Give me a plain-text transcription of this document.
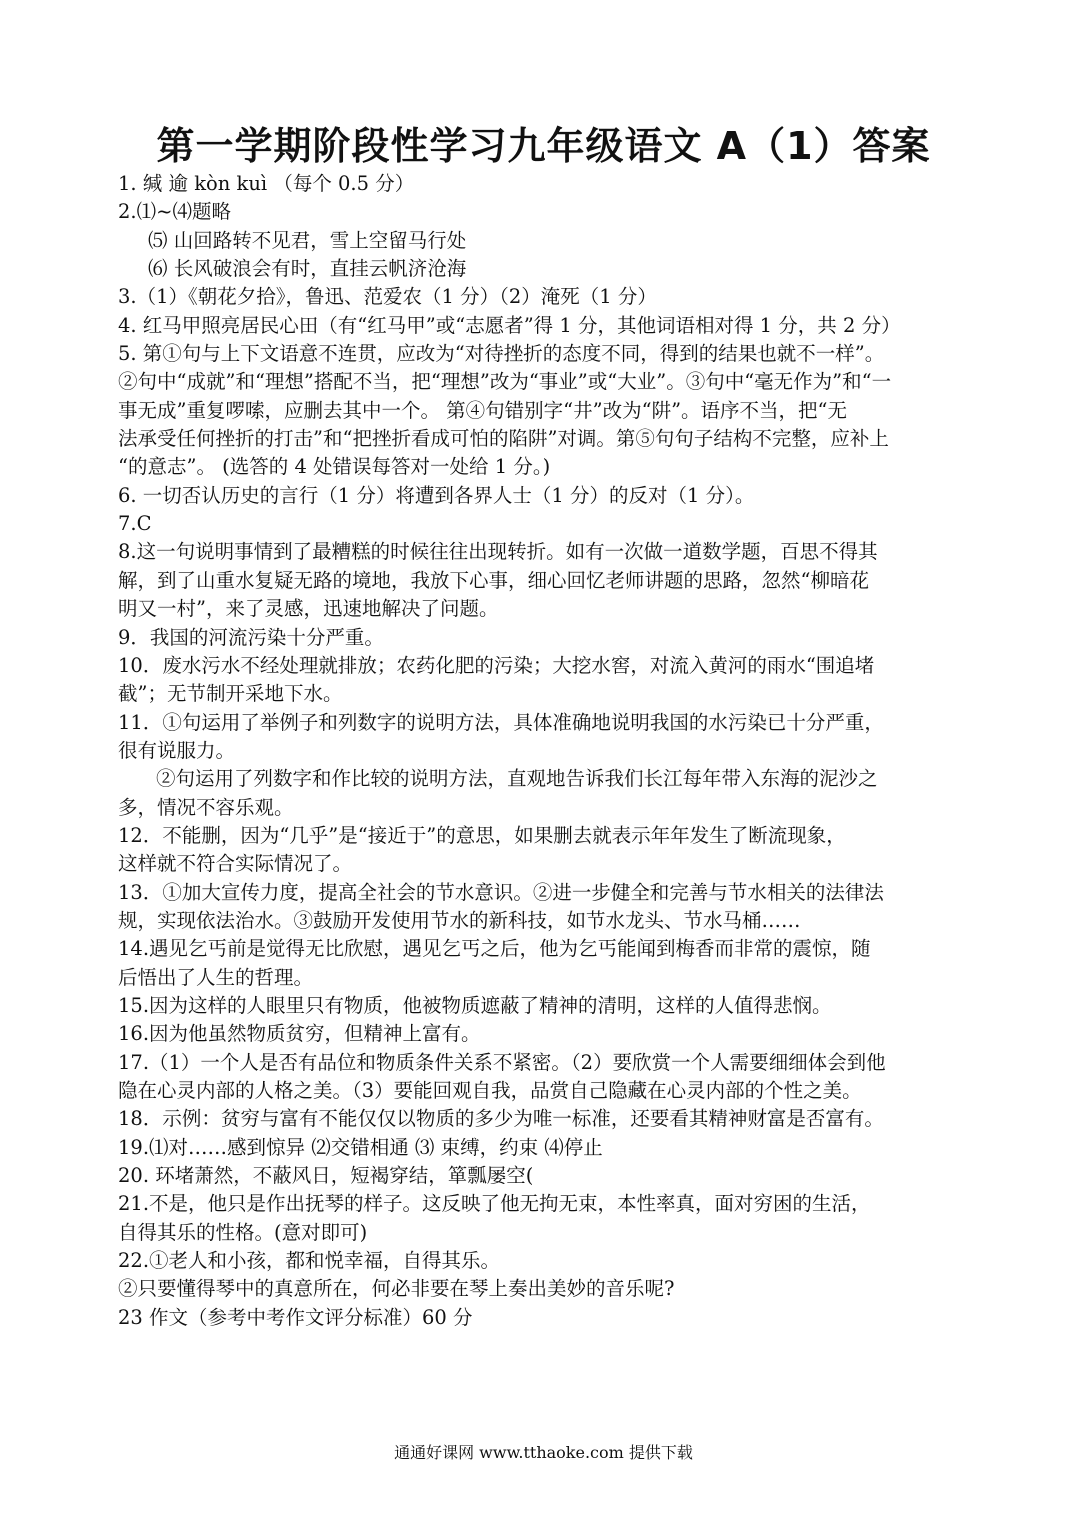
第一学期阶段性学习九年级语文 A（1）答案
1. 缄 逾 kòn kuì （每个 0.5 分）
2.⑴~⑷题略
⑸ 山回路转不见君，雪上空留马行处
⑹ 长风破浪会有时，直挂云帆济沧海
3.（1）《朝花夕拾》，鲁迅、范爱农（1 分）（2）淹死（1 分）
4. 红马甲照亮居民心田（有“红马甲”或“志愿者”得 1 分，其他词语相对得 1 分，共 2 分）
5. 第①句与上下文语意不连贯，应改为“对待挫折的态度不同，得到的结果也就不一样”。
②句中“成就”和“理想”搭配不当，把“理想”改为“事业”或“大业”。③句中“毫无作为”和“一
事无成”重复啰嗦，应删去其中一个。 第④句错别字“井”改为“阱”。语序不当，把“无
法承受任何挫折的打击”和“把挫折看成可怕的陷阱”对调。第⑤句句子结构不完整，应补上
“的意志”。 (选答的 4 处错误每答对一处给 1 分。)
6. 一切否认历史的言行（1 分）将遭到各界人士（1 分）的反对（1 分）。
7.C
8.这一句说明事情到了最糟糕的时候往往出现转折。如有一次做一道数学题，百思不得其
解，到了山重水复疑无路的境地，我放下心事，细心回忆老师讲题的思路，忽然“柳暗花
明又一村”，来了灵感，迅速地解决了问题。
9．我国的河流污染十分严重。
10．废水污水不经处理就排放；农药化肥的污染；大挖水窖，对流入黄河的雨水“围追堵
截”；无节制开采地下水。
11．①句运用了举例子和列数字的说明方法，具体准确地说明我国的水污染已十分严重，
很有说服力。
②句运用了列数字和作比较的说明方法，直观地告诉我们长江每年带入东海的泥沙之
多，情况不容乐观。
12．不能删，因为“几乎”是“接近于”的意思，如果删去就表示年年发生了断流现象，
这样就不符合实际情况了。
13．①加大宣传力度，提高全社会的节水意识。②进一步健全和完善与节水相关的法律法
规，实现依法治水。③鼓励开发使用节水的新科技，如节水龙头、节水马桶……
14.遇见乞丐前是觉得无比欣慰，遇见乞丐之后，他为乞丐能闻到梅香而非常的震惊，随
后悟出了人生的哲理。
15.因为这样的人眼里只有物质，他被物质遮蔽了精神的清明，这样的人值得悲悯。
16.因为他虽然物质贫穷，但精神上富有。
17.（1）一个人是否有品位和物质条件关系不紧密。（2）要欣赏一个人需要细细体会到他
隐在心灵内部的人格之美。（3）要能回观自我，品赏自己隐藏在心灵内部的个性之美。
18．示例：贫穷与富有不能仅仅以物质的多少为唯一标准，还要看其精神财富是否富有。
19.⑴对……感到惊异 ⑵交错相通 ⑶ 束缚，约束 ⑷停止
20. 环堵萧然，不蔽风日，短褐穿结，箪瓢屡空(
21.不是，他只是作出抚琴的样子。这反映了他无拘无束，本性率真，面对穷困的生活，
自得其乐的性格。(意对即可)
22.①老人和小孩，都和悦幸福，自得其乐。
②只要懂得琴中的真意所在，何必非要在琴上奏出美妙的音乐呢?
23 作文（参考中考作文评分标准）60 分
通通好课网 www.tthaoke.com 提供下载
